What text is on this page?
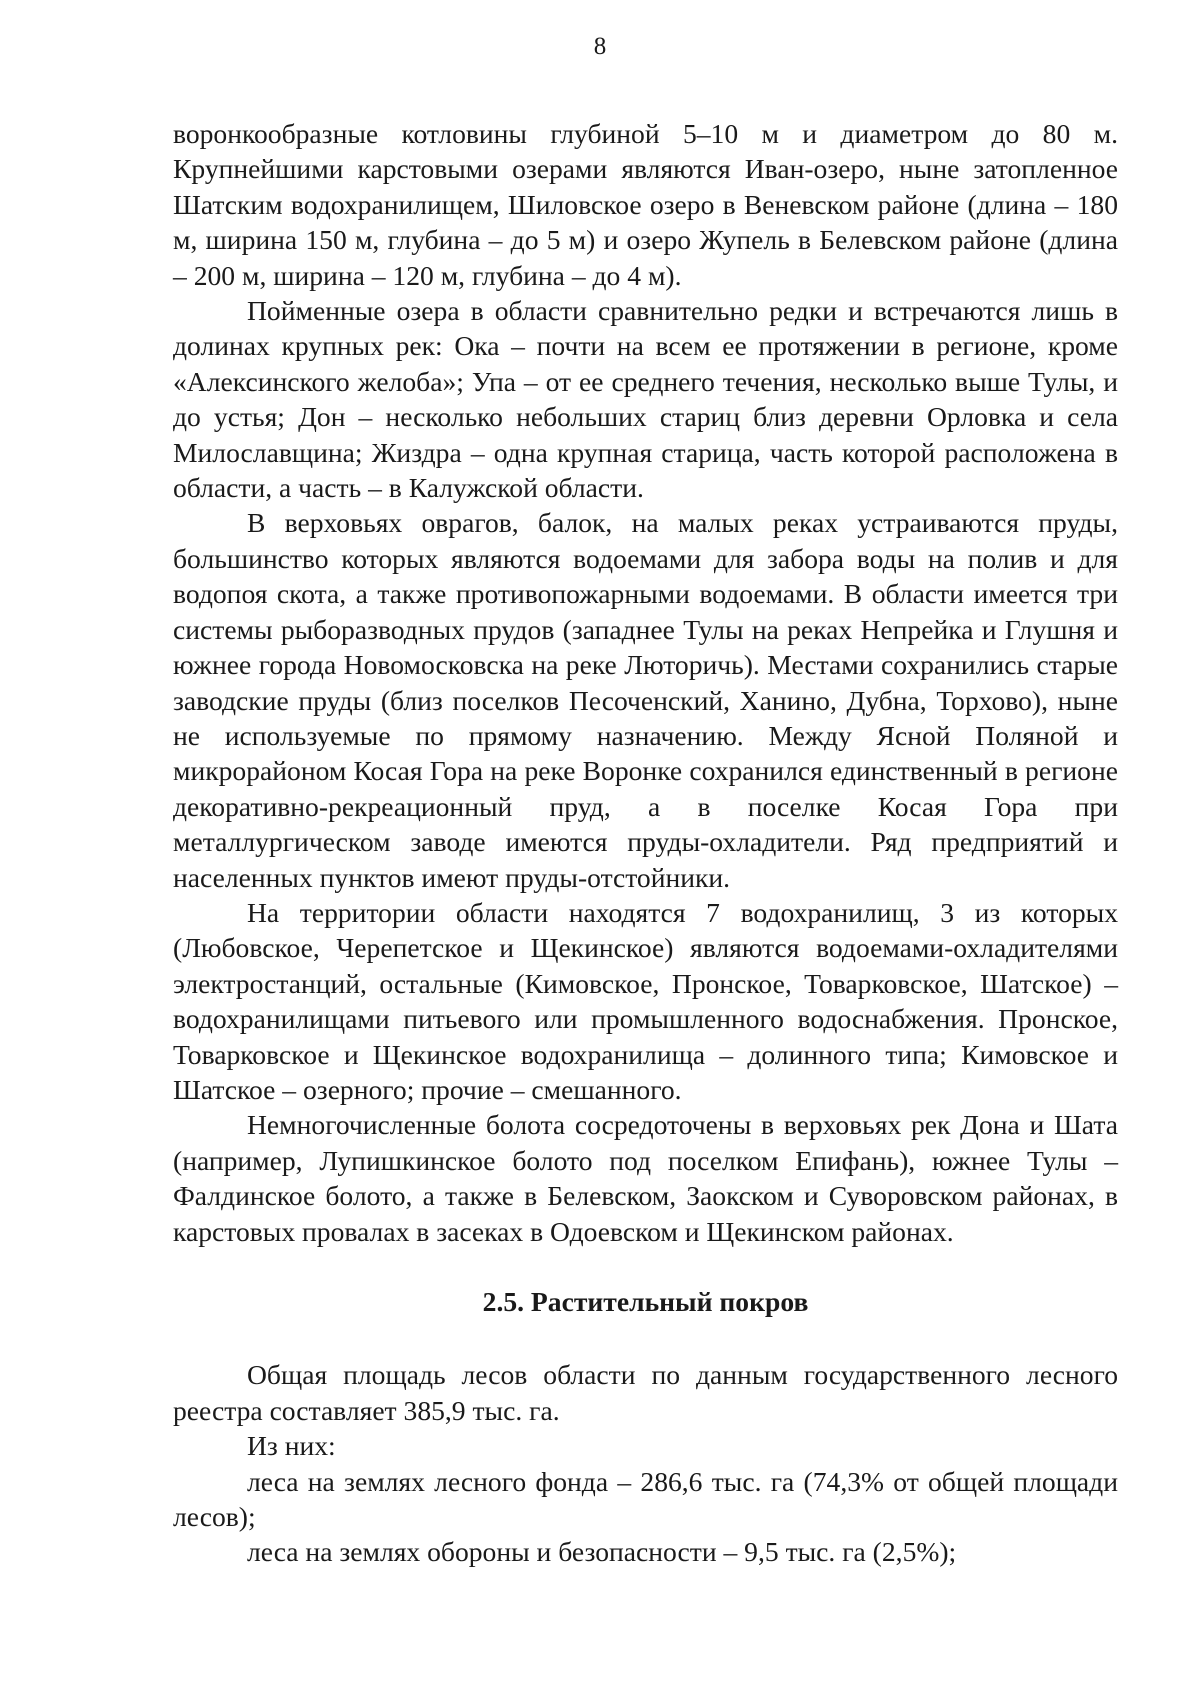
8

воронкообразные котловины глубиной 5–10 м и диаметром до 80 м. Крупнейшими карстовыми озерами являются Иван-озеро, ныне затопленное Шатским водохранилищем, Шиловское озеро в Веневском районе (длина – 180 м, ширина 150 м, глубина – до 5 м) и озеро Жупель в Белевском районе (длина – 200 м, ширина – 120 м, глубина – до 4 м).

Пойменные озера в области сравнительно редки и встречаются лишь в долинах крупных рек: Ока – почти на всем ее протяжении в регионе, кроме «Алексинского желоба»; Упа – от ее среднего течения, несколько выше Тулы, и до устья; Дон – несколько небольших стариц близ деревни Орловка и села Милославщина; Жиздра – одна крупная старица, часть которой расположена в области, а часть – в Калужской области.

В верховьях оврагов, балок, на малых реках устраиваются пруды, большинство которых являются водоемами для забора воды на полив и для водопоя скота, а также противопожарными водоемами. В области имеется три системы рыборазводных прудов (западнее Тулы на реках Непрейка и Глушня и южнее города Новомосковска на реке Люторичь). Местами сохранились старые заводские пруды (близ поселков Песоченский, Ханино, Дубна, Торхово), ныне не используемые по прямому назначению. Между Ясной Поляной и микрорайоном Косая Гора на реке Воронке сохранился единственный в регионе декоративно-рекреационный пруд, а в поселке Косая Гора при металлургическом заводе имеются пруды-охладители. Ряд предприятий и населенных пунктов имеют пруды-отстойники.

На территории области находятся 7 водохранилищ, 3 из которых (Любовское, Черепетское и Щекинское) являются водоемами-охладителями электростанций, остальные (Кимовское, Пронское, Товарковское, Шатское) – водохранилищами питьевого или промышленного водоснабжения. Пронское, Товарковское и Щекинское водохранилища – долинного типа; Кимовское и Шатское – озерного; прочие – смешанного.

Немногочисленные болота сосредоточены в верховьях рек Дона и Шата (например, Лупишкинское болото под поселком Епифань), южнее Тулы – Фалдинское болото, а также в Белевском, Заокском и Суворовском районах, в карстовых провалах в засеках в Одоевском и Щекинском районах.

2.5. Растительный покров

Общая площадь лесов области по данным государственного лесного реестра составляет 385,9 тыс. га.

Из них:

леса на землях лесного фонда – 286,6 тыс. га (74,3% от общей площади лесов);

леса на землях обороны и безопасности – 9,5 тыс. га (2,5%);
